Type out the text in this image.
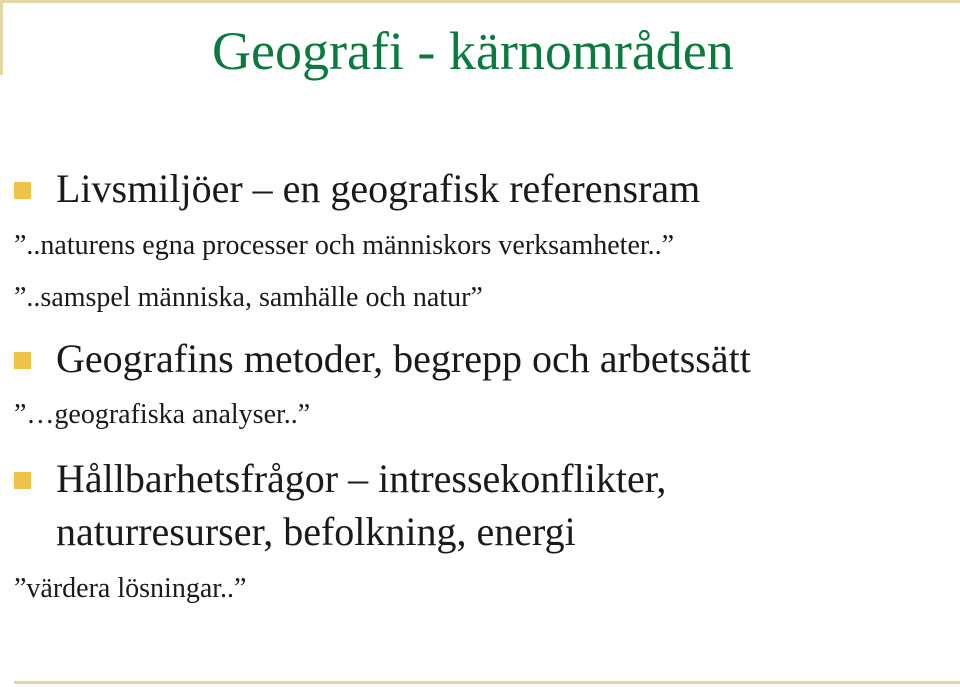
Geografi - kärnområden
Livsmiljöer – en geografisk referensram
”..naturens egna processer och människors verksamheter..”
”..samspel människa, samhälle och natur”
Geografins metoder, begrepp och arbetssätt
”…geografiska analyser..”
Hållbarhetsfrågor – intressekonflikter,
naturresurser, befolkning, energi
”värdera lösningar..”
